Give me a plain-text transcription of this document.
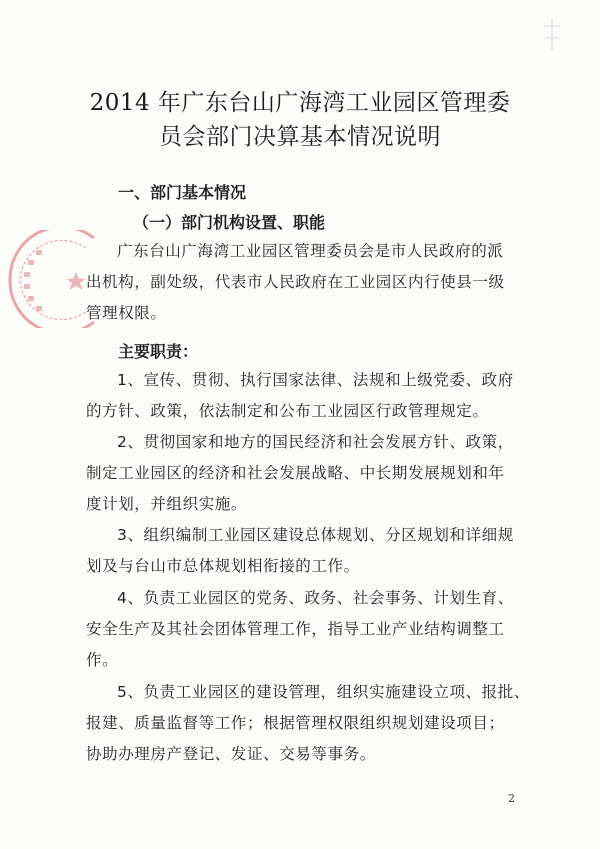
2014 年广东台山广海湾工业园区管理委
员会部门决算基本情况说明
一、部门基本情况
（一）部门机构设置、职能
广东台山广海湾工业园区管理委员会是市人民政府的派
出机构，副处级，代表市人民政府在工业园区内行使县一级
管理权限。
主要职责：
1、宣传、贯彻、执行国家法律、法规和上级党委、政府
的方针、政策，依法制定和公布工业园区行政管理规定。
2、贯彻国家和地方的国民经济和社会发展方针、政策，
制定工业园区的经济和社会发展战略、中长期发展规划和年
度计划，并组织实施。
3、组织编制工业园区建设总体规划、分区规划和详细规
划及与台山市总体规划相衔接的工作。
4、负责工业园区的党务、政务、社会事务、计划生育、
安全生产及其社会团体管理工作，指导工业产业结构调整工
作。
5、负责工业园区的建设管理，组织实施建设立项、报批、
报建、质量监督等工作；根据管理权限组织规划建设项目；
协助办理房产登记、发证、交易等事务。
2
